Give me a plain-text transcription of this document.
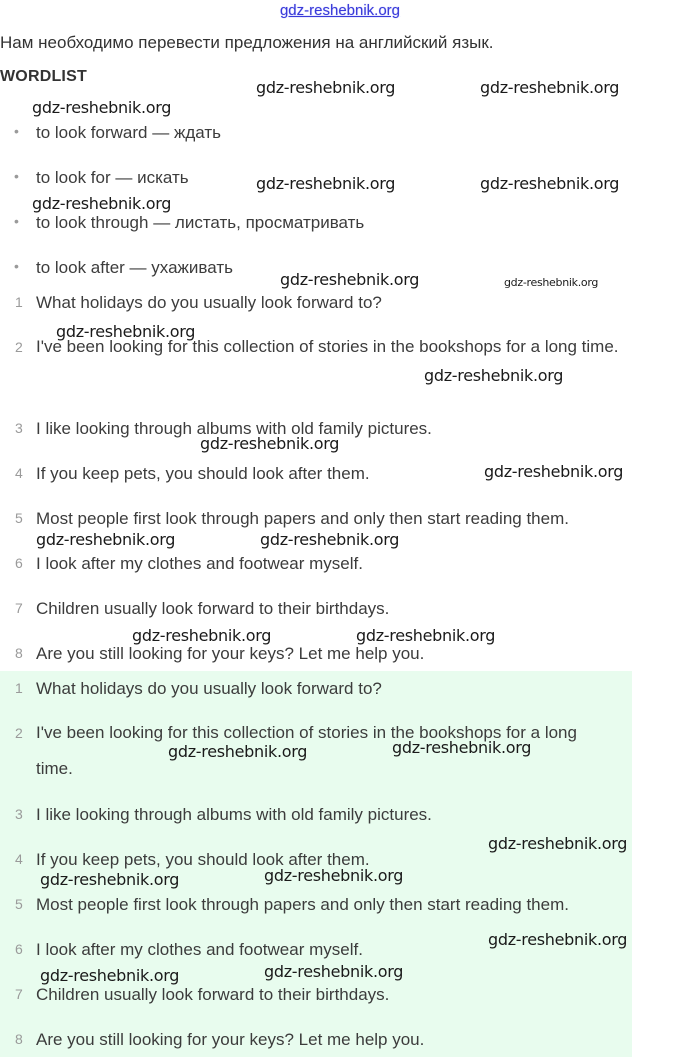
gdz-reshebnik.org
Нам необходимо перевести предложения на английский язык.
WORDLIST
• to look forward — ждать
• to look for — искать
• to look through — листать, просматривать
• to look after — ухаживать
1 What holidays do you usually look forward to?
2 I've been looking for this collection of stories in the bookshops for a long time.
3 I like looking through albums with old family pictures.
4 If you keep pets, you should look after them.
5 Most people first look through papers and only then start reading them.
6 I look after my clothes and footwear myself.
7 Children usually look forward to their birthdays.
8 Are you still looking for your keys? Let me help you.
1 What holidays do you usually look forward to?
2 I've been looking for this collection of stories in the bookshops for a long time.
3 I like looking through albums with old family pictures.
4 If you keep pets, you should look after them.
5 Most people first look through papers and only then start reading them.
6 I look after my clothes and footwear myself.
7 Children usually look forward to their birthdays.
8 Are you still looking for your keys? Let me help you.
gdz-reshebnik.org	gdz-reshebnik.org
gdz-reshebnik.org
gdz-reshebnik.org	gdz-reshebnik.org
gdz-reshebnik.org
gdz-reshebnik.org	gdz-reshebnik.org
gdz-reshebnik.org
gdz-reshebnik.org
gdz-reshebnik.org
gdz-reshebnik.org
gdz-reshebnik.org	gdz-reshebnik.org
gdz-reshebnik.org	gdz-reshebnik.org
gdz-reshebnik.org
gdz-reshebnik.org
gdz-reshebnik.org
gdz-reshebnik.org
gdz-reshebnik.org
gdz-reshebnik.org
gdz-reshebnik.org
gdz-reshebnik.org
